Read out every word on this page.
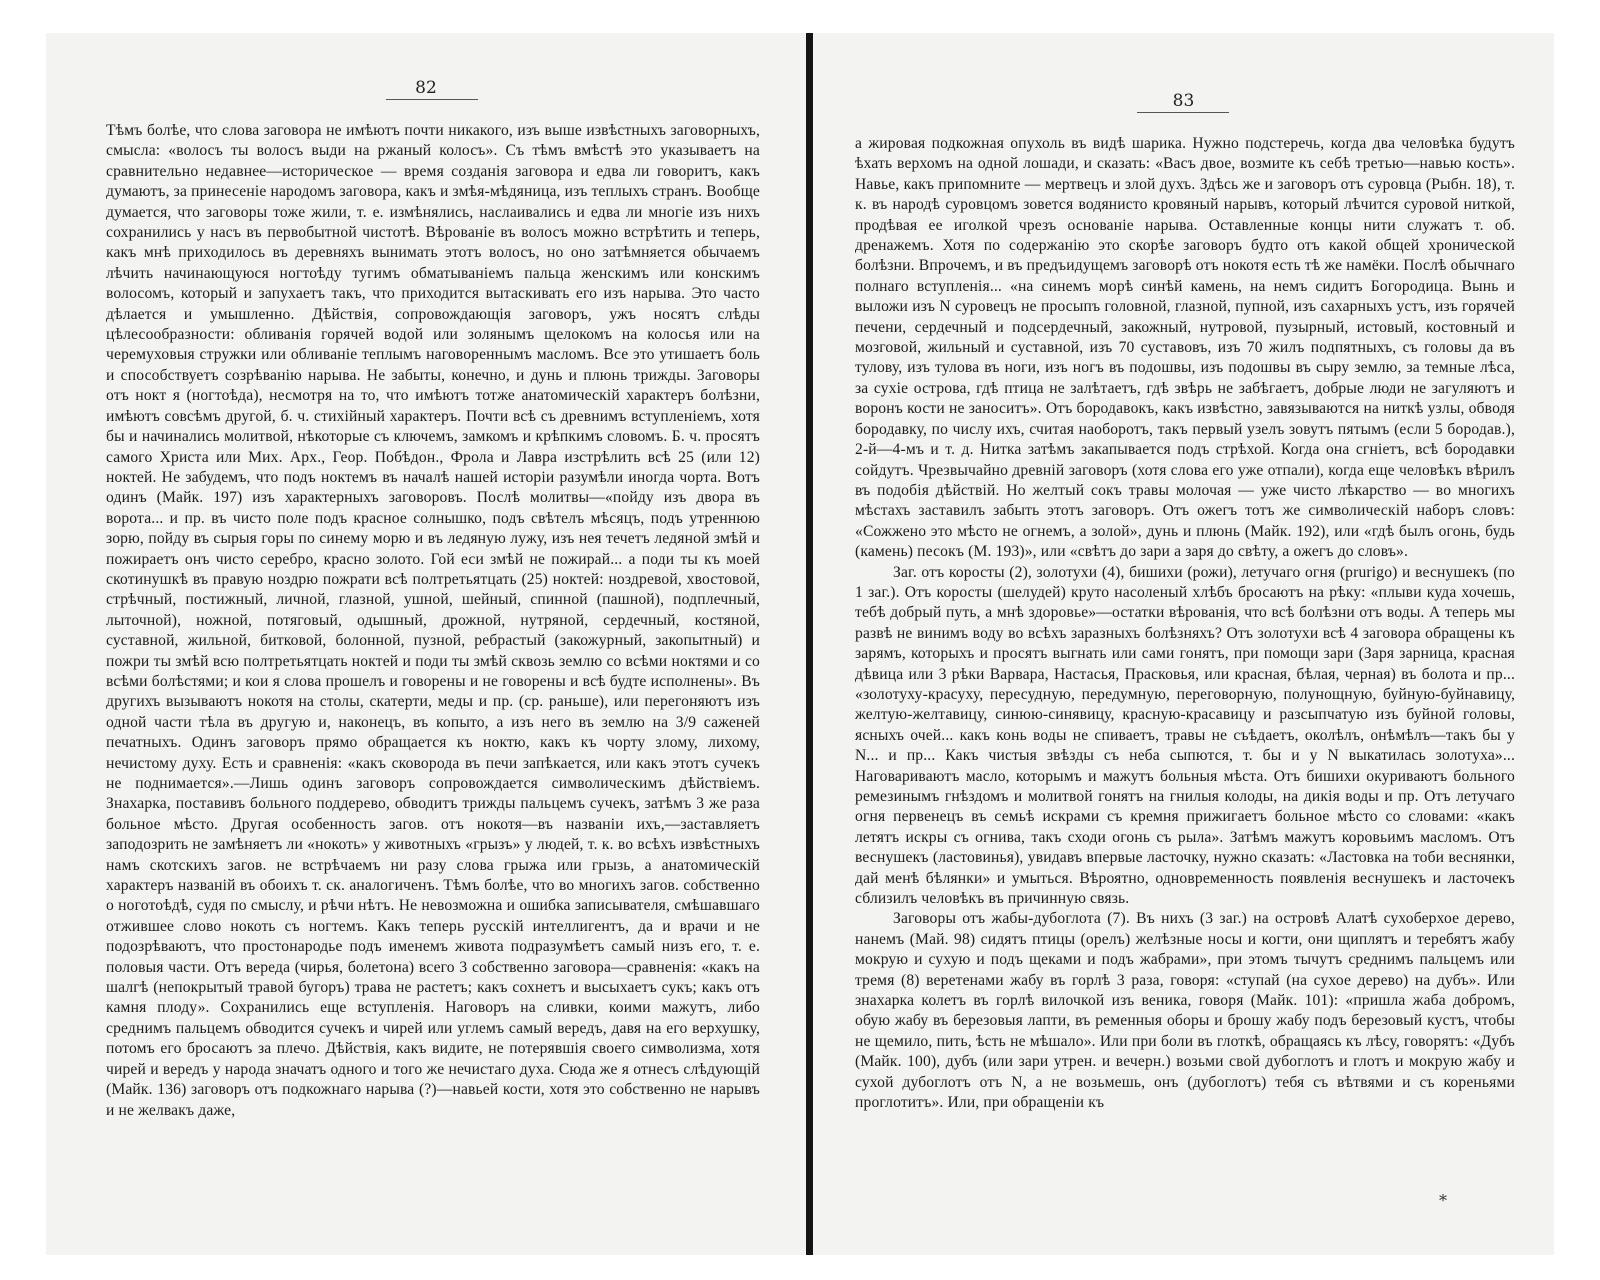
82

Тѣмъ болѣе, что слова заговора не имѣютъ почти никакого, изъ выше извѣстныхъ заговорныхъ, смысла: «волосъ ты волосъ выди на ржаный колосъ». Съ тѣмъ вмѣстѣ это указываетъ на сравнительно недавнее—историческое — время созданія заговора и едва ли говоритъ, какъ думаютъ, за принесеніе народомъ заговора, какъ и змѣя-мѣдяница, изъ теплыхъ странъ. Вообще думается, что заговоры тоже жили, т. е. измѣнялись, наслаивались и едва ли многіе изъ нихъ сохранились у насъ въ первобытной чистотѣ. Вѣрованіе въ волосъ можно встрѣтить и теперь, какъ мнѣ приходилось въ деревняхъ вынимать этотъ волосъ, но оно затѣмняется обычаемъ лѣчить начинающуюся ногтоѣду тугимъ обматываніемъ пальца женскимъ или конскимъ волосомъ, который и запухаетъ такъ, что приходится вытаскивать его изъ нарыва. Это часто дѣлается и умышленно. Дѣйствія, сопровождающія заговоръ, ужъ носятъ слѣды цѣлесообразности: обливанія горячей водой или золянымъ щелокомъ на колосья или на черемуховыя стружки или обливаніе теплымъ наговореннымъ масломъ. Все это утишаетъ боль и способствуетъ созрѣванію нарыва. Не забыты, конечно, и дунь и плюнь трижды. Заговоры отъ нокт я (ногтоѣда), несмотря на то, что имѣютъ тотже анатомическій характеръ болѣзни, имѣютъ совсѣмъ другой, б. ч. стихійный характеръ. Почти всѣ съ древнимъ вступленіемъ, хотя бы и начинались молитвой, нѣкоторые съ ключемъ, замкомъ и крѣпкимъ словомъ. Б. ч. просятъ самого Христа или Мих. Арх., Геор. Побѣдон., Фрола и Лавра изстрѣлить всѣ 25 (или 12) ноктей. Не забудемъ, что подъ ноктемъ въ началѣ нашей исторіи разумѣли иногда чорта. Вотъ одинъ (Майк. 197) изъ характерныхъ заговоровъ. Послѣ молитвы—«пойду изъ двора въ ворота... и пр. въ чисто поле подъ красное солнышко, подъ свѣтелъ мѣсяцъ, подъ утреннюю зорю, пойду въ сырыя горы по синему морю и въ ледяную лужу, изъ нея течетъ ледяной змѣй и пожираетъ онъ чисто серебро, красно золото. Гой еси змѣй не пожирай... а поди ты къ моей скотинушкѣ въ правую ноздрю пожрати всѣ полтретьятцать (25) ноктей: ноздревой, хвостовой, стрѣчный, постижный, личной, глазной, ушной, шейный, спинной (пашной), подплечный, лыточной), ножной, потяговый, одышный, дрожной, нутряной, сердечный, костяной, суставной, жильной, битковой, болонной, пузной, ребрастый (закожурный, закопытный) и пожри ты змѣй всю полтретьятцать ноктей и поди ты змѣй сквозь землю со всѣми ноктями и со всѣми болѣстями; и кои я слова прошелъ и говорены и не говорены и всѣ будте исполнены». Въ другихъ вызываютъ нокотя на столы, скатерти, меды и пр. (ср. раньше), или перегоняютъ изъ одной части тѣла въ другую и, наконецъ, въ копыто, а изъ него въ землю на 3/9 саженей печатныхъ. Одинъ заговоръ прямо обращается къ ноктю, какъ къ чорту злому, лихому, нечистому духу. Есть и сравненія: «какъ сковорода въ печи запѣкается, или какъ этотъ сучекъ не поднимается».—Лишь одинъ заговоръ сопровождается символическимъ дѣйствіемъ. Знахарка, поставивъ больного поддерево, обводитъ трижды пальцемъ сучекъ, затѣмъ 3 же раза больное мѣсто. Другая особенность загов. отъ нокотя—въ названіи ихъ,—заставляетъ заподозрить не замѣняетъ ли «нокоть» у животныхъ «грызъ» у людей, т. к. во всѣхъ извѣстныхъ намъ скотскихъ загов. не встрѣчаемъ ни разу слова грыжа или грызь, а анатомическій характеръ названій въ обоихъ т. ск. аналогиченъ. Тѣмъ болѣе, что во многихъ загов. собственно о ноготоѣдѣ, судя по смыслу, и рѣчи нѣтъ. Не невозможна и ошибка записывателя, смѣшавшаго отжившее слово нокоть съ ногтемъ. Какъ теперь русскій интеллигентъ, да и врачи и не подозрѣваютъ, что простонародье подъ именемъ живота подразумѣетъ самый низъ его, т. е. половыя части. Отъ вереда (чирья, болетона) всего 3 собственно заговора—сравненія: «какъ на шалгѣ (непокрытый травой бугоръ) трава не растетъ; какъ сохнетъ и высыхаетъ сукъ; какъ отъ камня плоду». Сохранились еще вступленія. Наговоръ на сливки, коими мажутъ, либо среднимъ пальцемъ обводится сучекъ и чирей или углемъ самый вередъ, давя на его верхушку, потомъ его бросаютъ за плечо. Дѣйствія, какъ видите, не потерявшія своего символизма, хотя чирей и вередъ у народа значатъ одного и того же нечистаго духа. Сюда же я отнесъ слѣдующій (Майк. 136) заговоръ отъ подкожнаго нарыва (?)—навьей кости, хотя это собственно не нарывъ и не желвакъ даже,

83

а жировая подкожная опухоль въ видѣ шарика. Нужно подстеречь, когда два человѣка будутъ ѣхать верхомъ на одной лошади, и сказать: «Васъ двое, возмите къ себѣ третью—навью кость». Навье, какъ припомните — мертвецъ и злой духъ. Здѣсь же и заговоръ отъ суровца (Рыбн. 18), т. к. въ народѣ суровцомъ зовется водянисто кровяный нарывъ, который лѣчится суровой ниткой, продѣвая ее иголкой чрезъ основаніе нарыва. Оставленные концы нити служатъ т. об. дренажемъ. Хотя по содержанію это скорѣе заговоръ будто отъ какой общей хронической болѣзни. Впрочемъ, и въ предъидущемъ заговорѣ отъ нокотя есть тѣ же намёки. Послѣ обычнаго полнаго вступленія... «на синемъ морѣ синѣй камень, на немъ сидитъ Богородица. Вынь и выложи изъ N суровецъ не просыпъ головной, глазной, пупной, изъ сахарныхъ устъ, изъ горячей печени, сердечный и подсердечный, закожный, нутровой, пузырный, истовый, костовный и мозговой, жильный и суставной, изъ 70 суставовъ, изъ 70 жилъ подпятныхъ, съ головы да въ тулову, изъ тулова въ ноги, изъ ногъ въ подошвы, изъ подошвы въ сыру землю, за темные лѣса, за сухіе острова, гдѣ птица не залѣтаетъ, гдѣ звѣрь не забѣгаетъ, добрые люди не загуляютъ и воронъ кости не заноситъ». Отъ бородавокъ, какъ извѣстно, завязываются на ниткѣ узлы, обводя бородавку, по числу ихъ, считая наоборотъ, такъ первый узелъ зовутъ пятымъ (если 5 бородав.), 2-й—4-мъ и т. д. Нитка затѣмъ закапывается подъ стрѣхой. Когда она сгніетъ, всѣ бородавки сойдутъ. Чрезвычайно древній заговоръ (хотя слова его уже отпали), когда еще человѣкъ вѣрилъ въ подобія дѣйствій. Но желтый сокъ травы молочая — уже чисто лѣкарство — во многихъ мѣстахъ заставилъ забыть этотъ заговоръ. Отъ ожегъ тотъ же символическій наборъ словъ: «Сожжено это мѣсто не огнемъ, а золой», дунь и плюнь (Майк. 192), или «гдѣ былъ огонь, будь (камень) песокъ (М. 193)», или «свѣтъ до зари а заря до свѣту, а ожегъ до словъ».

Заг. отъ коросты (2), золотухи (4), бишихи (рожи), летучаго огня (prurigo) и веснушекъ (по 1 заг.). Отъ коросты (шелудей) круто насоленый хлѣбъ бросаютъ на рѣку: «плыви куда хочешь, тебѣ добрый путь, а мнѣ здоровье»—остатки вѣрованія, что всѣ болѣзни отъ воды. А теперь мы развѣ не винимъ воду во всѣхъ заразныхъ болѣзняхъ? Отъ золотухи всѣ 4 заговора обращены къ зарямъ, которыхъ и просятъ выгнать или сами гонятъ, при помощи зари (Заря зарница, красная дѣвица или 3 рѣки Варвара, Настасья, Прасковья, или красная, бѣлая, черная) въ болота и пр... «золотуху-красуху, пересудную, передумную, переговорную, полунощную, буйную-буйнавицу, желтую-желтавицу, синюю-синявицу, красную-красавицу и разсыпчатую изъ буйной головы, ясныхъ очей... какъ конь воды не спиваетъ, травы не съѣдаетъ, околѣлъ, онѣмѣлъ—такъ бы у N... и пр... Какъ чистыя звѣзды съ неба сыпются, т. бы и у N выкатилась золотуха»... Наговариваютъ масло, которымъ и мажутъ больныя мѣста. Отъ бишихи окуриваютъ больного ремезинымъ гнѣздомъ и молитвой гонятъ на гнилыя колоды, на дикія воды и пр. Отъ летучаго огня первенецъ въ семьѣ искрами съ кремня прижигаетъ больное мѣсто со словами: «какъ летятъ искры съ огнива, такъ сходи огонь съ рыла». Затѣмъ мажутъ коровьимъ масломъ. Отъ веснушекъ (ластовинья), увидавъ впервые ласточку, нужно сказать: «Ластовка на тоби веснянки, дай менѣ бѣлянки» и умыться. Вѣроятно, одновременность появленія веснушекъ и ласточекъ сблизилъ человѣкъ въ причинную связь.

Заговоры отъ жабы-дубоглота (7). Въ нихъ (3 заг.) на островѣ Алатѣ сухоберхое дерево, нанемъ (Май. 98) сидятъ птицы (орелъ) желѣзные носы и когти, они щиплятъ и теребятъ жабу мокрую и сухую и подъ щеками и подъ жабрами», при этомъ тычутъ среднимъ пальцемъ или тремя (8) веретенами жабу въ горлѣ 3 раза, говоря: «ступай (на сухое дерево) на дубъ». Или знахарка колетъ въ горлѣ вилочкой изъ веника, говоря (Майк. 101): «пришла жаба добромъ, обую жабу въ березовыя лапти, въ ременныя оборы и брошу жабу подъ березовый кустъ, чтобы не щемило, пить, ѣсть не мѣшало». Или при боли въ глоткѣ, обращаясь къ лѣсу, говорятъ: «Дубъ (Майк. 100), дубъ (или зари утрен. и вечерн.) возьми свой дубоглотъ и глотъ и мокрую жабу и сухой дубоглотъ отъ N, а не возьмешь, онъ (дубоглотъ) тебя съ вѣтвями и съ кореньями проглотитъ». Или, при обращеніи къ

*
